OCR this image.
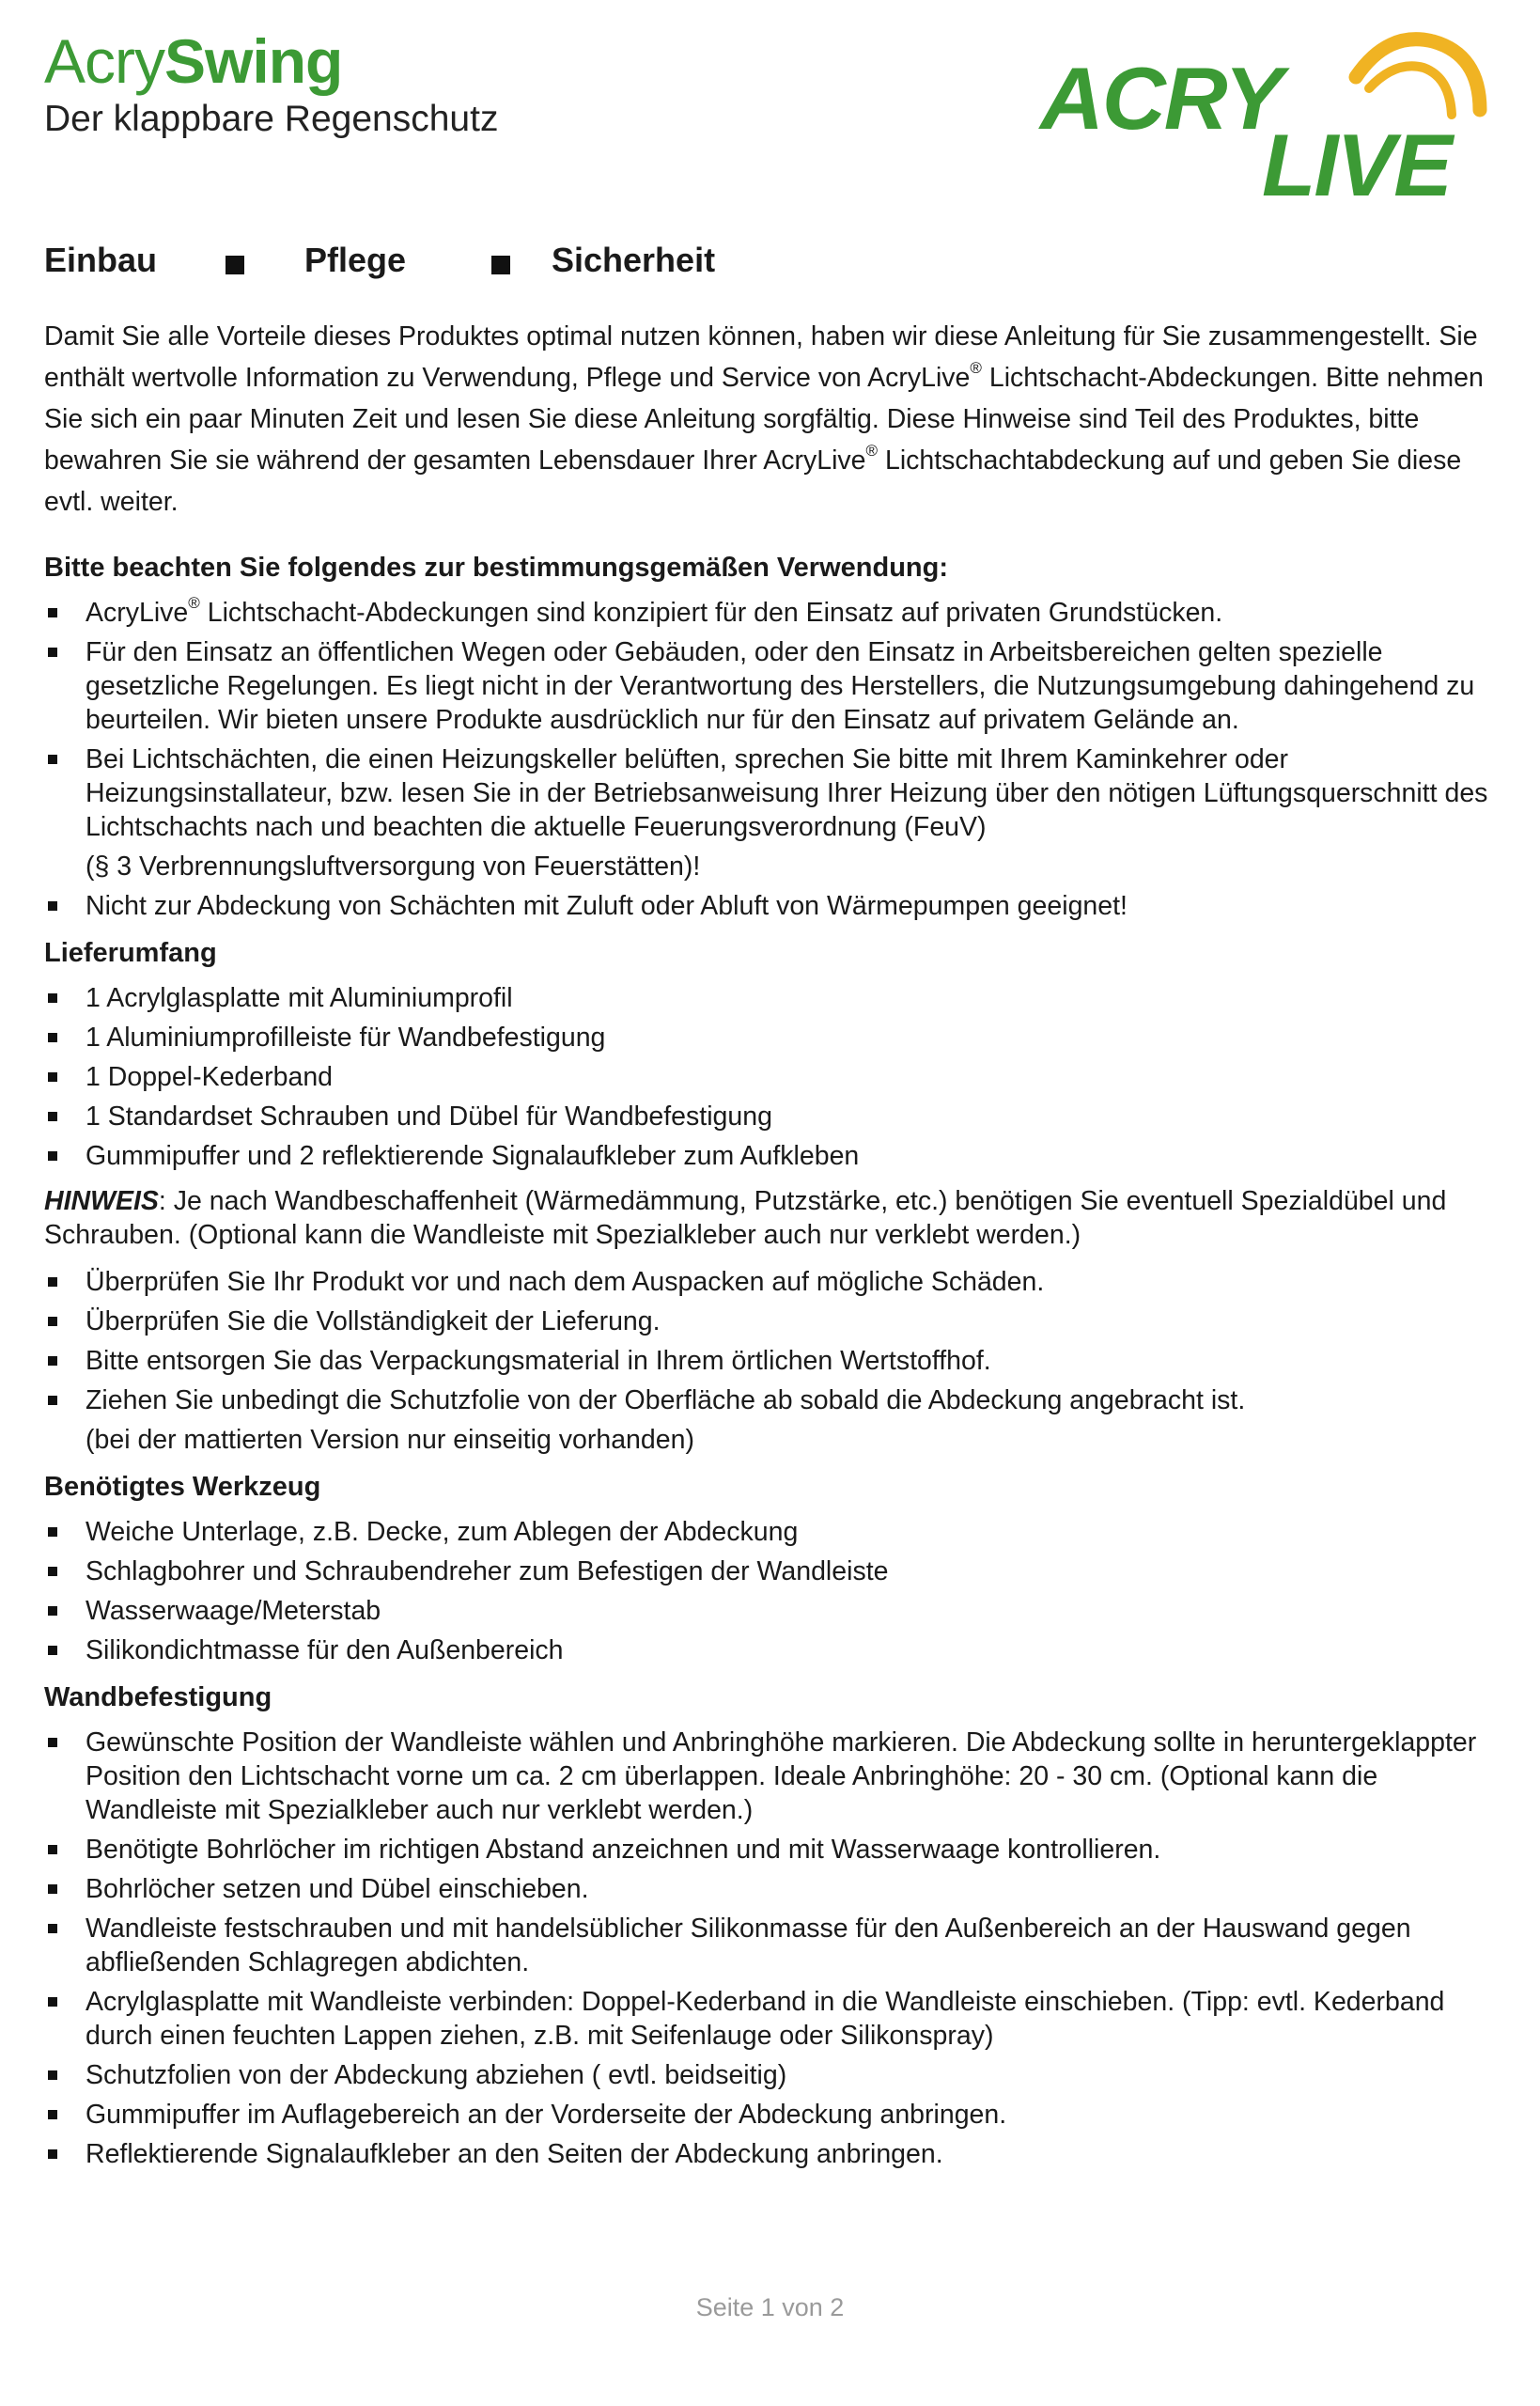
AcrySwing
Der klappbare Regenschutz	ACRY
LIVE
Einbau	Pflege	Sicherheit

Damit Sie alle Vorteile dieses Produktes optimal nutzen können, haben wir diese Anleitung für Sie zusammengestellt. Sie enthält wertvolle Information zu Verwendung, Pflege und Service von AcryLive® Lichtschacht-Abdeckungen. Bitte nehmen Sie sich ein paar Minuten Zeit und lesen Sie diese Anleitung sorgfältig. Diese Hinweise sind Teil des Produktes, bitte bewahren Sie sie während der gesamten Lebensdauer Ihrer AcryLive® Lichtschachtabdeckung auf und geben Sie diese evtl. weiter.

Bitte beachten Sie folgendes zur bestimmungsgemäßen Verwendung:
AcryLive® Lichtschacht-Abdeckungen sind konzipiert für den Einsatz auf privaten Grundstücken.
Für den Einsatz an öffentlichen Wegen oder Gebäuden, oder den Einsatz in Arbeitsbereichen gelten spezielle gesetzliche Regelungen. Es liegt nicht in der Verantwortung des Herstellers, die Nutzungsumgebung dahingehend zu beurteilen. Wir bieten unsere Produkte ausdrücklich nur für den Einsatz auf privatem Gelände an.
Bei Lichtschächten, die einen Heizungskeller belüften, sprechen Sie bitte mit Ihrem Kaminkehrer oder Heizungsinstallateur, bzw. lesen Sie in der Betriebsanweisung Ihrer Heizung über den nötigen Lüftungsquerschnitt des Lichtschachts nach und beachten die aktuelle Feuerungsverordnung (FeuV)
(§ 3 Verbrennungsluftversorgung von Feuerstätten)!
Nicht zur Abdeckung von Schächten mit Zuluft oder Abluft von Wärmepumpen geeignet!
Lieferumfang
1 Acrylglasplatte mit Aluminiumprofil
1 Aluminiumprofilleiste für Wandbefestigung
1 Doppel-Kederband
1 Standardset Schrauben und Dübel für Wandbefestigung
Gummipuffer und 2 reflektierende Signalaufkleber zum Aufkleben

HINWEIS: Je nach Wandbeschaffenheit (Wärmedämmung, Putzstärke, etc.) benötigen Sie eventuell Spezialdübel und Schrauben. (Optional kann die Wandleiste mit Spezialkleber auch nur verklebt werden.)

Überprüfen Sie Ihr Produkt vor und nach dem Auspacken auf mögliche Schäden.
Überprüfen Sie die Vollständigkeit der Lieferung.
Bitte entsorgen Sie das Verpackungsmaterial in Ihrem örtlichen Wertstoffhof.
Ziehen Sie unbedingt die Schutzfolie von der Oberfläche ab sobald die Abdeckung angebracht ist.
(bei der mattierten Version nur einseitig vorhanden)
Benötigtes Werkzeug
Weiche Unterlage, z.B. Decke, zum Ablegen der Abdeckung
Schlagbohrer und Schraubendreher zum Befestigen der Wandleiste
Wasserwaage/Meterstab
Silikondichtmasse für den Außenbereich
Wandbefestigung
Gewünschte Position der Wandleiste wählen und Anbringhöhe markieren. Die Abdeckung sollte in heruntergeklappter Position den Lichtschacht vorne um ca. 2 cm überlappen. Ideale Anbringhöhe: 20 - 30 cm. (Optional kann die Wandleiste mit Spezialkleber auch nur verklebt werden.)
Benötigte Bohrlöcher im richtigen Abstand anzeichnen und mit Wasserwaage kontrollieren.
Bohrlöcher setzen und Dübel einschieben.
Wandleiste festschrauben und mit handelsüblicher Silikonmasse für den Außenbereich an der Hauswand gegen abfließenden Schlagregen abdichten.
Acrylglasplatte mit Wandleiste verbinden: Doppel-Kederband in die Wandleiste einschieben. (Tipp: evtl. Kederband durch einen feuchten Lappen ziehen, z.B. mit Seifenlauge oder Silikonspray)
Schutzfolien von der Abdeckung abziehen ( evtl. beidseitig)
Gummipuffer im Auflagebereich an der Vorderseite der Abdeckung anbringen.
Reflektierende Signalaufkleber an den Seiten der Abdeckung anbringen.
Seite 1 von 2
